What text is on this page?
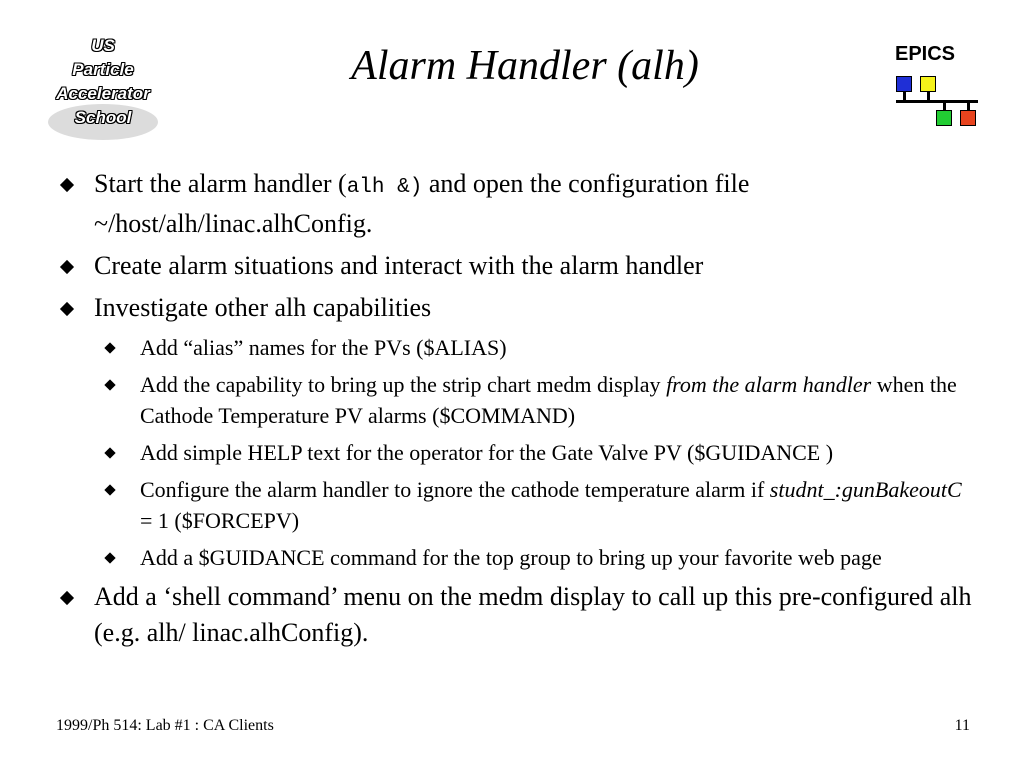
US
Particle
Accelerator
School
Alarm Handler (alh)	EPICS
Start the alarm handler (alh &) and open the configuration file ~/host/alh/linac.alhConfig.
Create alarm situations and interact with the alarm handler
Investigate other alh capabilities
Add “alias” names for the PVs ($ALIAS)
Add the capability to bring up the strip chart medm display from the alarm handler when the Cathode Temperature PV alarms ($COMMAND)
Add simple HELP text for the operator for the Gate Valve PV ($GUIDANCE )
Configure the alarm handler to ignore the cathode temperature alarm if studnt_:gunBakeoutC = 1 ($FORCEPV)
Add a $GUIDANCE command for the top group to bring up your favorite web page
Add a ‘shell command’ menu on the medm display to call up this pre-configured alh (e.g. alh/ linac.alhConfig).
1999/Ph 514: Lab #1 : CA Clients	11
